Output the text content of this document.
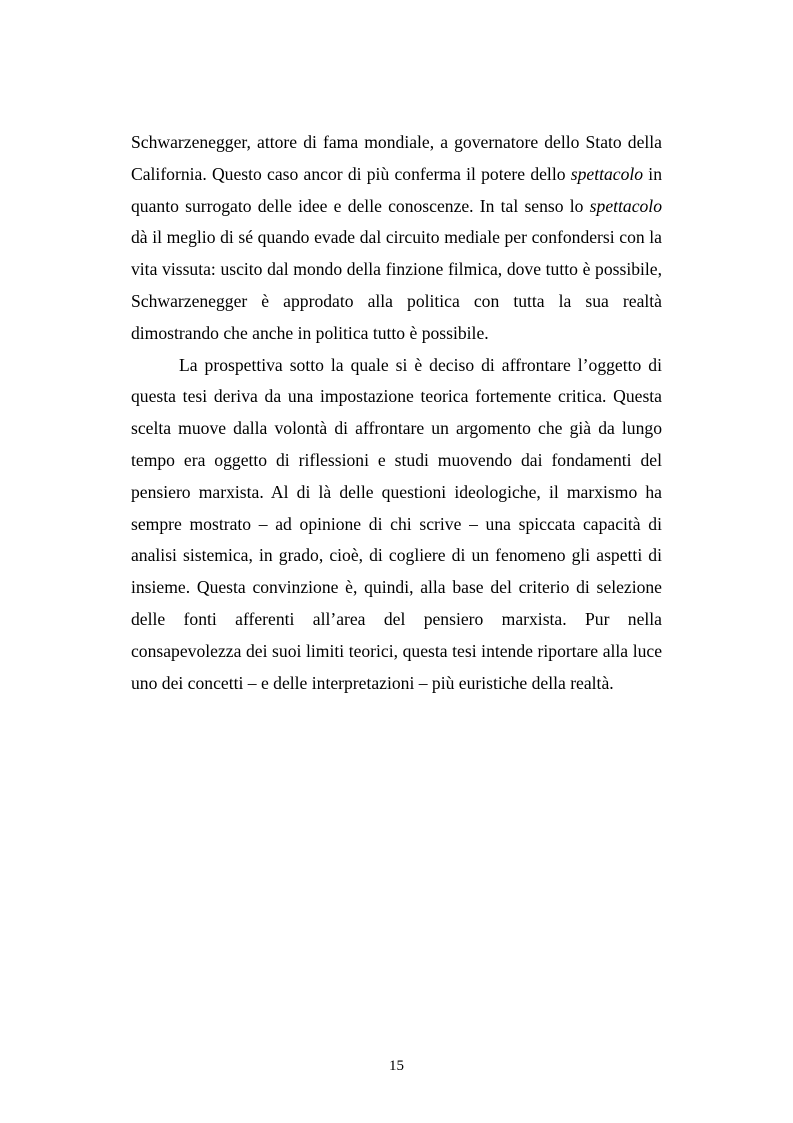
Schwarzenegger, attore di fama mondiale, a governatore dello Stato della California. Questo caso ancor di più conferma il potere dello spettacolo in quanto surrogato delle idee e delle conoscenze. In tal senso lo spettacolo dà il meglio di sé quando evade dal circuito mediale per confondersi con la vita vissuta: uscito dal mondo della finzione filmica, dove tutto è possibile, Schwarzenegger è approdato alla politica con tutta la sua realtà dimostrando che anche in politica tutto è possibile.

La prospettiva sotto la quale si è deciso di affrontare l’oggetto di questa tesi deriva da una impostazione teorica fortemente critica. Questa scelta muove dalla volontà di affrontare un argomento che già da lungo tempo era oggetto di riflessioni e studi muovendo dai fondamenti del pensiero marxista. Al di là delle questioni ideologiche, il marxismo ha sempre mostrato – ad opinione di chi scrive – una spiccata capacità di analisi sistemica, in grado, cioè, di cogliere di un fenomeno gli aspetti di insieme. Questa convinzione è, quindi, alla base del criterio di selezione delle fonti afferenti all’area del pensiero marxista. Pur nella consapevolezza dei suoi limiti teorici, questa tesi intende riportare alla luce uno dei concetti – e delle interpretazioni – più euristiche della realtà.

15
